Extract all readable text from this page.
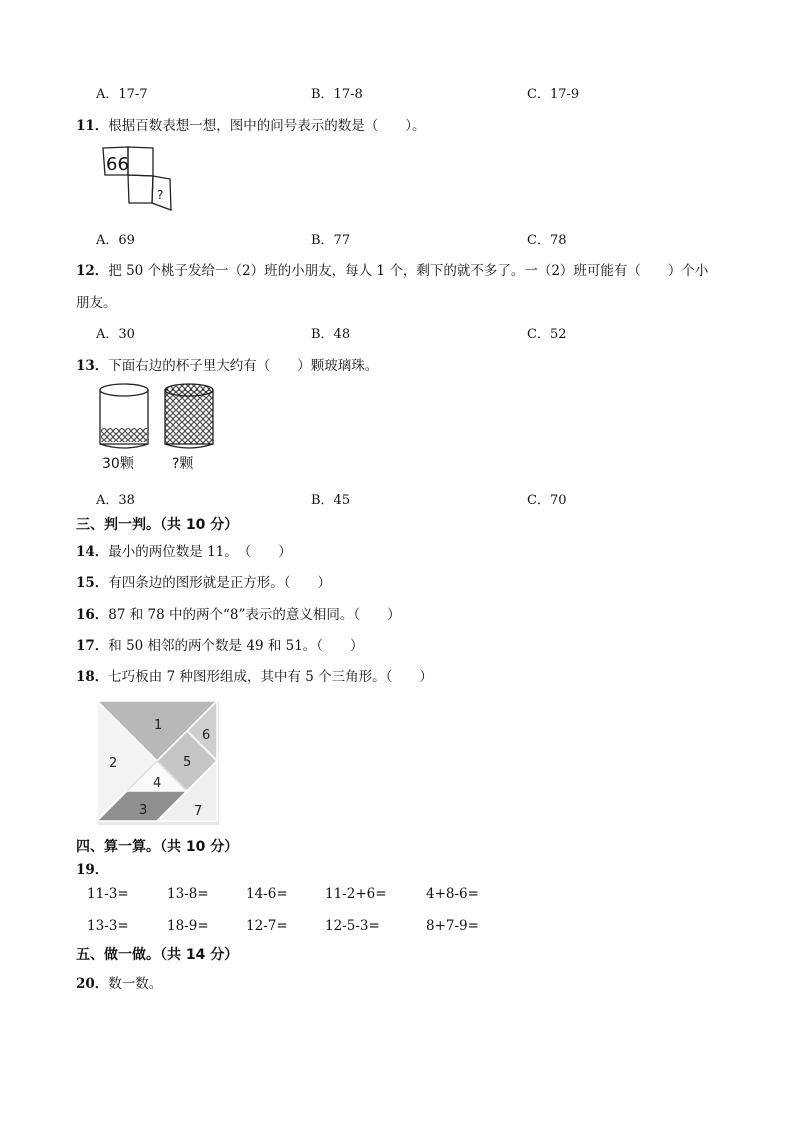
A．17-7	B．17-8	C．17-9
11．根据百数表想一想，图中的问号表示的数是（　　）。
66
?
A．69	B．77	C．78
12．把 50 个桃子发给一（2）班的小朋友，每人 1 个，剩下的就不多了。一（2）班可能有（　　）个小
朋友。
A．30	B．48	C．52
13．下面右边的杯子里大约有（　　）颗玻璃珠。
30颗	?颗
A．38	B．45	C．70
三、判一判。（共 10 分）
14．最小的两位数是 11。　（　　）
15．有四条边的图形就是正方形。（　　）
16．87 和 78 中的两个“8”表示的意义相同。（　　）
17．和 50 相邻的两个数是 49 和 51。（　　）
18．七巧板由 7 种图形组成，其中有 5 个三角形。（　　）
1
2
3
4
5
6
7
四、算一算。（共 10 分）
19．
11-3=	13-8=	14-6=	11-2+6=	4+8-6=
13-3=	18-9=	12-7=	12-5-3=	8+7-9=
五、做一做。（共 14 分）
20．数一数。
